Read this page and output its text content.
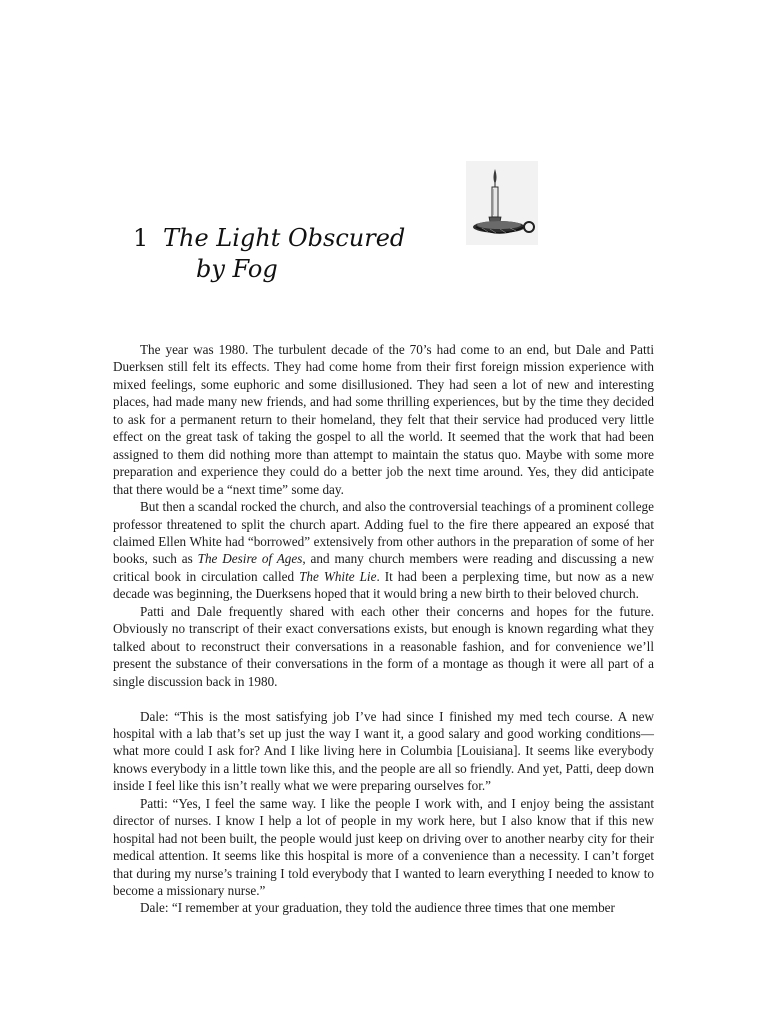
1 The Light Obscured
by Fog

The year was 1980. The turbulent decade of the 70’s had come to an end, but Dale and Patti Duerksen still felt its effects. They had come home from their first foreign mission experience with mixed feelings, some euphoric and some disillusioned. They had seen a lot of new and interesting places, had made many new friends, and had some thrilling experiences, but by the time they decided to ask for a permanent return to their homeland, they felt that their service had produced very little effect on the great task of taking the gospel to all the world. It seemed that the work that had been assigned to them did nothing more than attempt to maintain the status quo. Maybe with some more preparation and experience they could do a better job the next time around. Yes, they did anticipate that there would be a “next time” some day.

But then a scandal rocked the church, and also the controversial teachings of a prominent college professor threatened to split the church apart. Adding fuel to the fire there appeared an exposé that claimed Ellen White had “borrowed” extensively from other authors in the preparation of some of her books, such as The Desire of Ages, and many church members were reading and discussing a new critical book in circulation called The White Lie. It had been a perplexing time, but now as a new decade was beginning, the Duerksens hoped that it would bring a new birth to their beloved church.

Patti and Dale frequently shared with each other their concerns and hopes for the future. Obviously no transcript of their exact conversations exists, but enough is known regarding what they talked about to reconstruct their conversations in a reasonable fashion, and for convenience we’ll present the substance of their conversations in the form of a montage as though it were all part of a single discussion back in 1980.

Dale: “This is the most satisfying job I’ve had since I finished my med tech course. A new hospital with a lab that’s set up just the way I want it, a good salary and good working conditions—what more could I ask for? And I like living here in Columbia [Louisiana]. It seems like everybody knows everybody in a little town like this, and the people are all so friendly. And yet, Patti, deep down inside I feel like this isn’t really what we were preparing ourselves for.”

Patti: “Yes, I feel the same way. I like the people I work with, and I enjoy being the assistant director of nurses. I know I help a lot of people in my work here, but I also know that if this new hospital had not been built, the people would just keep on driving over to another nearby city for their medical attention. It seems like this hospital is more of a convenience than a necessity. I can’t forget that during my nurse’s training I told everybody that I wanted to learn everything I needed to know to become a missionary nurse.”

Dale: “I remember at your graduation, they told the audience three times that one member
